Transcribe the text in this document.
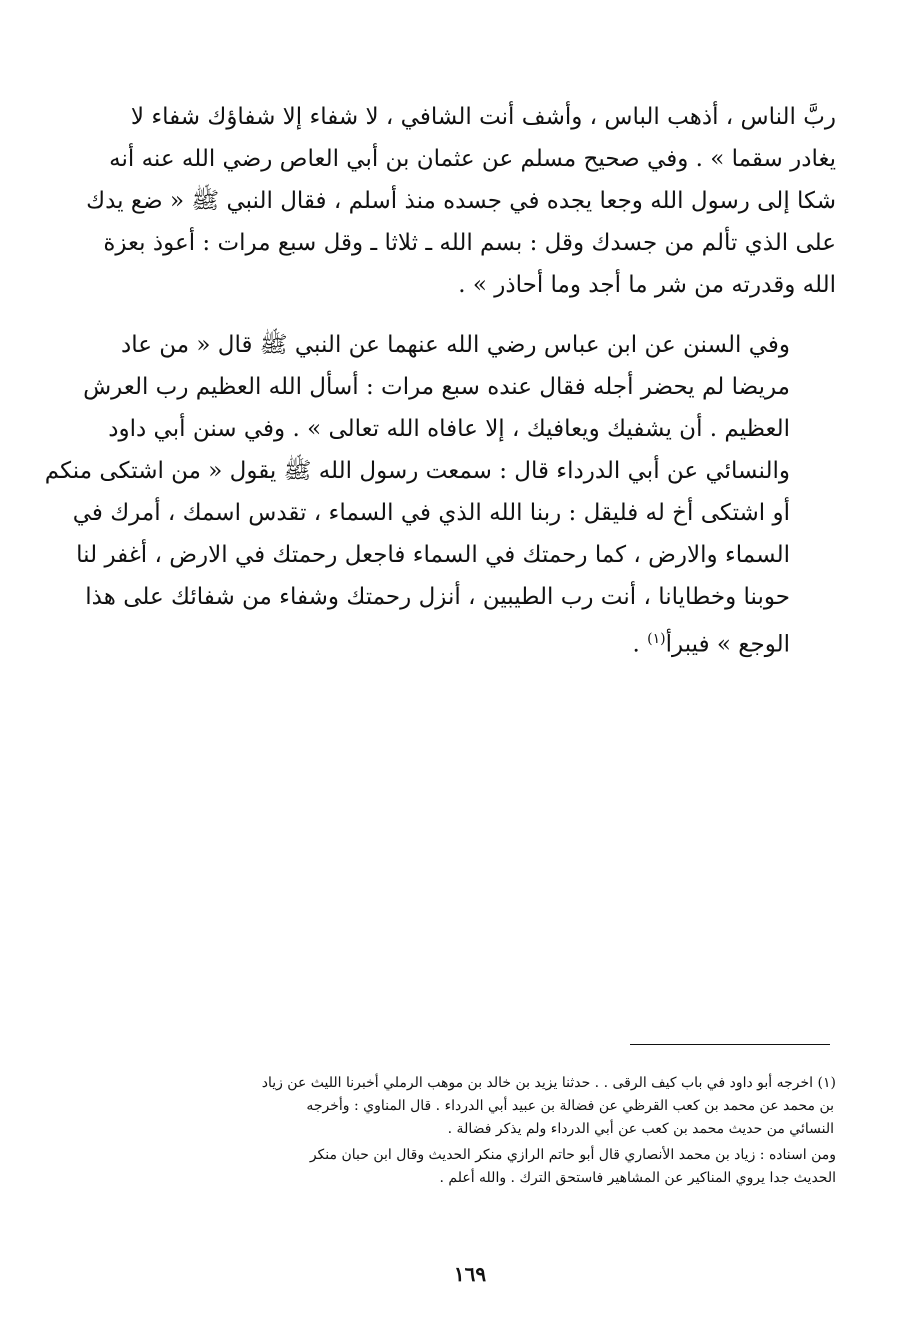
ربَّ الناس ، أذهب الباس ، وأشف أنت الشافي ، لا شفاء إلا شفاؤك شفاء لا
يغادر سقما » . وفي صحيح مسلم عن عثمان بن أبي العاص رضي الله عنه أنه
شكا إلى رسول الله وجعا يجده في جسده منذ أسلم ، فقال النبي ﷺ « ضع يدك
على الذي تألم من جسدك وقل : بسم الله ـ ثلاثا ـ وقل سبع مرات : أعوذ بعزة
الله وقدرته من شر ما أجد وما أحاذر » .
وفي السنن عن ابن عباس رضي الله عنهما عن النبي ﷺ قال « من عاد
مريضا لم يحضر أجله فقال عنده سبع مرات : أسأل الله العظيم رب العرش
العظيم . أن يشفيك ويعافيك ، إلا عافاه الله تعالى » . وفي سنن أبي داود
والنسائي عن أبي الدرداء قال : سمعت رسول الله ﷺ يقول « من اشتكى منكم
أو اشتكى أخ له فليقل : ربنا الله الذي في السماء ، تقدس اسمك ، أمرك في
السماء والارض ، كما رحمتك في السماء فاجعل رحمتك في الارض ، أغفر لنا
حوبنا وخطايانا ، أنت رب الطيبين ، أنزل رحمتك وشفاء من شفائك على هذا
الوجع » فيبرأ$^{(١)}$ .
(١) اخرجه أبو داود في باب كيف الرقى . . حدثنا يزيد بن خالد بن موهب الرملي أخبرنا الليث عن زياد
بن محمد عن محمد بن كعب القرظي عن فضالة بن عبيد أبي الدرداء . قال المناوي : وأخرجه
النسائي من حديث محمد بن كعب عن أبي الدرداء ولم يذكر فضالة .
ومن اسناده : زياد بن محمد الأنصاري قال أبو حاتم الرازي منكر الحديث وقال ابن حبان منكر
الحديث جدا يروي المناكير عن المشاهير فاستحق الترك . والله أعلم .
١٦٩
